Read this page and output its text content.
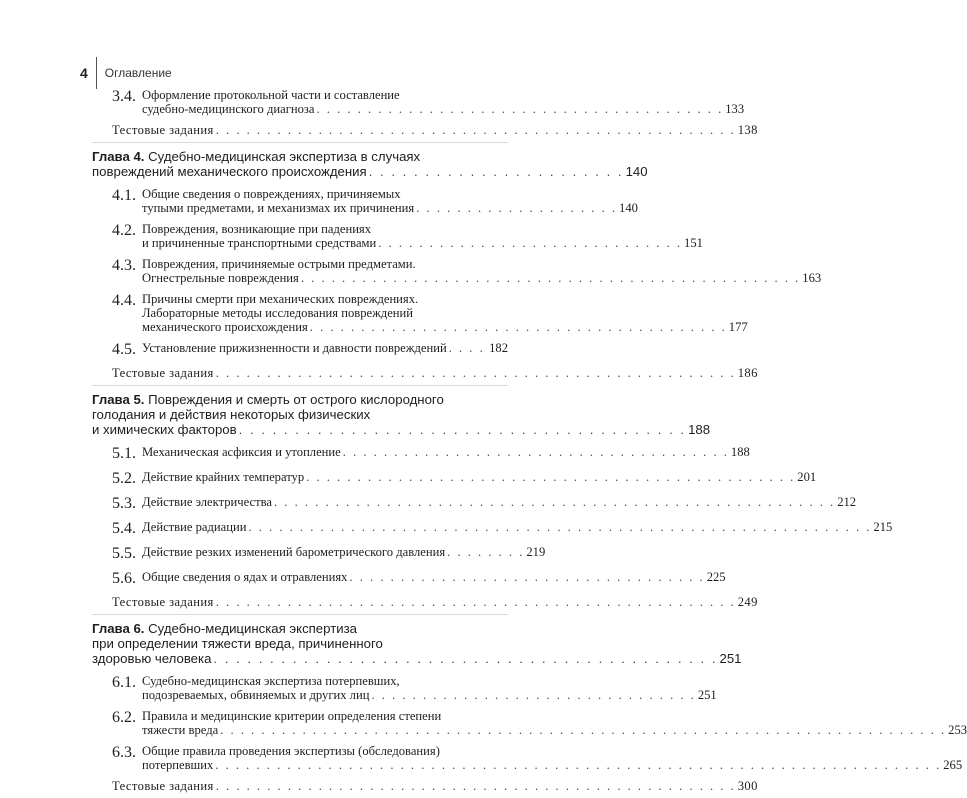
4 Оглавление
3.4. Оформление протокольной части и составление
судебно-медицинского диагноза . . . . . . . . . . . . . . . . . . . . . . . . . . . . . . . . . . . . . . . . 133
Тестовые задания . . . . . . . . . . . . . . . . . . . . . . . . . . . . . . . . . . . . . . . . . . . . . . . . . . . 138
Глава 4. Судебно-медицинская экспертиза в случаях
повреждений механического происхождения . . . . . . . . . . . . . . . . . . . . . . . 140
4.1. Общие сведения о повреждениях, причиняемых
тупыми предметами, и механизмах их причинения . . . . . . . . . . . . . . . . . . . . 140
4.2. Повреждения, возникающие при падениях
и причиненные транспортными средствами . . . . . . . . . . . . . . . . . . . . . . . . . . . . . . 151
4.3. Повреждения, причиняемые острыми предметами.
Огнестрельные повреждения . . . . . . . . . . . . . . . . . . . . . . . . . . . . . . . . . . . . . . . . . . . . . . . . . 163
4.4. Причины смерти при механических повреждениях.
Лабораторные методы исследования повреждений
механического происхождения . . . . . . . . . . . . . . . . . . . . . . . . . . . . . . . . . . . . . . . . . 177
4.5. Установление прижизненности и давности повреждений . . . . 182
Тестовые задания . . . . . . . . . . . . . . . . . . . . . . . . . . . . . . . . . . . . . . . . . . . . . . . . . . . 186
Глава 5. Повреждения и смерть от острого кислородного
голодания и действия некоторых физических
и химических факторов . . . . . . . . . . . . . . . . . . . . . . . . . . . . . . . . . . . . . . . . 188
5.1. Механическая асфиксия и утопление . . . . . . . . . . . . . . . . . . . . . . . . . . . . . . . . . . . . . . 188
5.2. Действие крайних температур . . . . . . . . . . . . . . . . . . . . . . . . . . . . . . . . . . . . . . . . . . . . . . . . 201
5.3. Действие электричества . . . . . . . . . . . . . . . . . . . . . . . . . . . . . . . . . . . . . . . . . . . . . . . . . . . . . . . 212
5.4. Действие радиации . . . . . . . . . . . . . . . . . . . . . . . . . . . . . . . . . . . . . . . . . . . . . . . . . . . . . . . . . . . . . 215
5.5. Действие резких изменений барометрического давления . . . . . . . . 219
5.6. Общие сведения о ядах и отравлениях . . . . . . . . . . . . . . . . . . . . . . . . . . . . . . . . . . . 225
Тестовые задания . . . . . . . . . . . . . . . . . . . . . . . . . . . . . . . . . . . . . . . . . . . . . . . . . . . 249
Глава 6. Судебно-медицинская экспертиза
при определении тяжести вреда, причиненного
здоровью человека . . . . . . . . . . . . . . . . . . . . . . . . . . . . . . . . . . . . . . . . . . . . . 251
6.1. Судебно-медицинская экспертиза потерпевших,
подозреваемых, обвиняемых и других лиц . . . . . . . . . . . . . . . . . . . . . . . . . . . . . . . . 251
6.2. Правила и медицинские критерии определения степени
тяжести вреда . . . . . . . . . . . . . . . . . . . . . . . . . . . . . . . . . . . . . . . . . . . . . . . . . . . . . . . . . . . . . . . . . . . . . . . 253
6.3. Общие правила проведения экспертизы (обследования)
потерпевших . . . . . . . . . . . . . . . . . . . . . . . . . . . . . . . . . . . . . . . . . . . . . . . . . . . . . . . . . . . . . . . . . . . . . . . 265
Тестовые задания . . . . . . . . . . . . . . . . . . . . . . . . . . . . . . . . . . . . . . . . . . . . . . . . . . . 300
